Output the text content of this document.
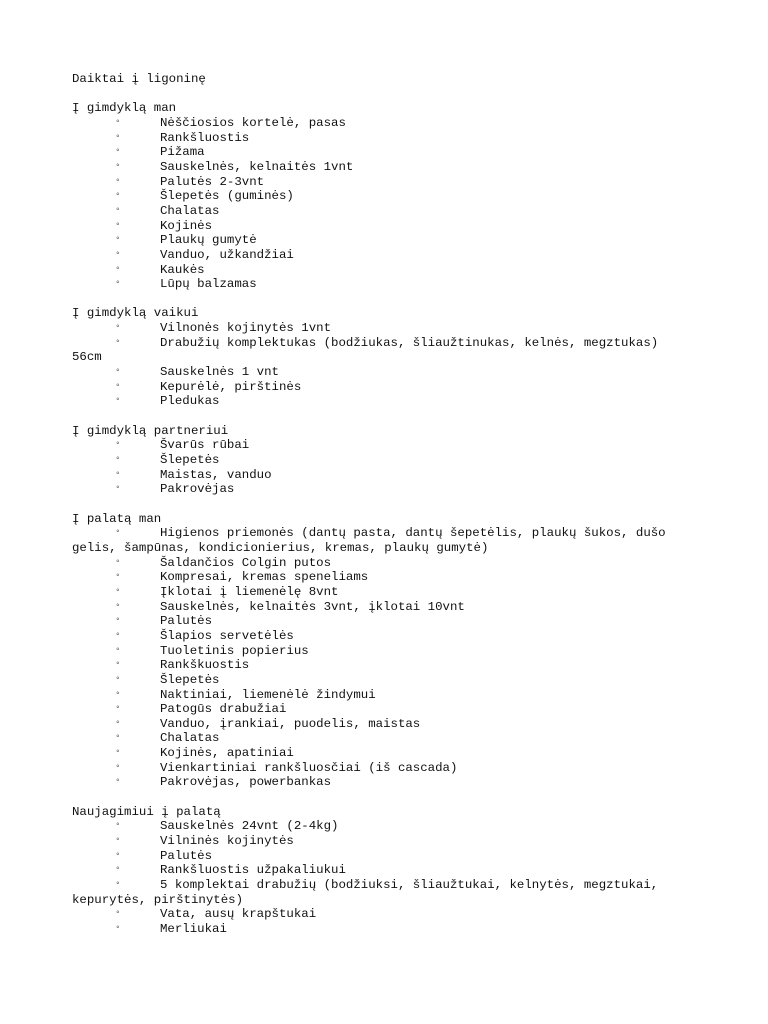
Daiktai į ligoninę
Į gimdyklą man
◦	Nėščiosios kortelė, pasas
◦	Rankšluostis
◦	Pižama
◦	Sauskelnės, kelnaitės 1vnt
◦	Palutės 2-3vnt
◦	Šlepetės (guminės)
◦	Chalatas
◦	Kojinės
◦	Plaukų gumytė
◦	Vanduo, užkandžiai
◦	Kaukės
◦	Lūpų balzamas
Į gimdyklą vaikui
◦	Vilnonės kojinytės 1vnt
◦	Drabužių komplektukas (bodžiukas, šliaužtinukas, kelnės, megztukas)
56cm
◦	Sauskelnės 1 vnt
◦	Kepurėlė, pirštinės
◦	Pledukas
Į gimdyklą partneriui
◦	Švarūs rūbai
◦	Šlepetės
◦	Maistas, vanduo
◦	Pakrovėjas
Į palatą man
◦	Higienos priemonės (dantų pasta, dantų šepetėlis, plaukų šukos, dušo
gelis, šampūnas, kondicionierius, kremas, plaukų gumytė)
◦	Šaldančios Colgin putos
◦	Kompresai, kremas speneliams
◦	Įklotai į liemenėlę 8vnt
◦	Sauskelnės, kelnaitės 3vnt, įklotai 10vnt
◦	Palutės
◦	Šlapios servetėlės
◦	Tuoletinis popierius
◦	Rankškuostis
◦	Šlepetės
◦	Naktiniai, liemenėlė žindymui
◦	Patogūs drabužiai
◦	Vanduo, įrankiai, puodelis, maistas
◦	Chalatas
◦	Kojinės, apatiniai
◦	Vienkartiniai rankšluosčiai (iš cascada)
◦	Pakrovėjas, powerbankas
Naujagimiui į palatą
◦	Sauskelnės 24vnt (2-4kg)
◦	Vilninės kojinytės
◦	Palutės
◦	Rankšluostis užpakaliukui
◦	5 komplektai drabužių (bodžiuksi, šliaužtukai, kelnytės, megztukai,
kepurytės, pirštinytės)
◦	Vata, ausų krapštukai
◦	Merliukai
